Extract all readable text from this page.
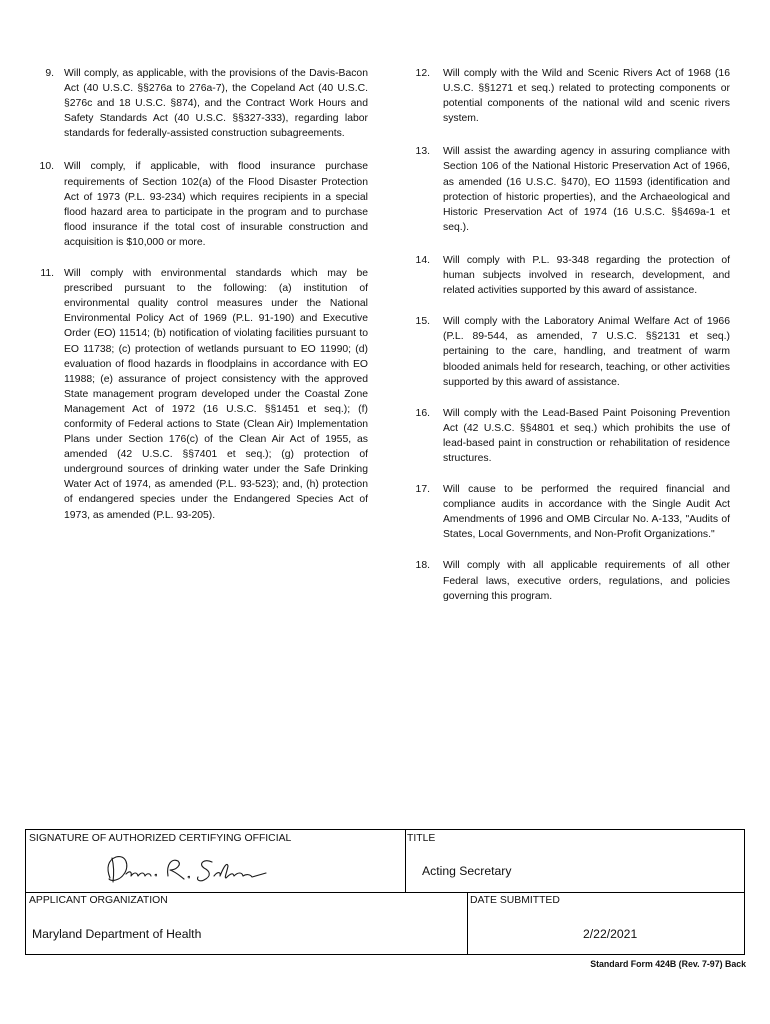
9. Will comply, as applicable, with the provisions of the Davis-Bacon Act (40 U.S.C. §§276a to 276a-7), the Copeland Act (40 U.S.C. §276c and 18 U.S.C. §874), and the Contract Work Hours and Safety Standards Act (40 U.S.C. §§327-333), regarding labor standards for federally-assisted construction subagreements.
10. Will comply, if applicable, with flood insurance purchase requirements of Section 102(a) of the Flood Disaster Protection Act of 1973 (P.L. 93-234) which requires recipients in a special flood hazard area to participate in the program and to purchase flood insurance if the total cost of insurable construction and acquisition is $10,000 or more.
11. Will comply with environmental standards which may be prescribed pursuant to the following: (a) institution of environmental quality control measures under the National Environmental Policy Act of 1969 (P.L. 91-190) and Executive Order (EO) 11514; (b) notification of violating facilities pursuant to EO 11738; (c) protection of wetlands pursuant to EO 11990; (d) evaluation of flood hazards in floodplains in accordance with EO 11988; (e) assurance of project consistency with the approved State management program developed under the Coastal Zone Management Act of 1972 (16 U.S.C. §§1451 et seq.); (f) conformity of Federal actions to State (Clean Air) Implementation Plans under Section 176(c) of the Clean Air Act of 1955, as amended (42 U.S.C. §§7401 et seq.); (g) protection of underground sources of drinking water under the Safe Drinking Water Act of 1974, as amended (P.L. 93-523); and, (h) protection of endangered species under the Endangered Species Act of 1973, as amended (P.L. 93-205).
12. Will comply with the Wild and Scenic Rivers Act of 1968 (16 U.S.C. §§1271 et seq.) related to protecting components or potential components of the national wild and scenic rivers system.
13. Will assist the awarding agency in assuring compliance with Section 106 of the National Historic Preservation Act of 1966, as amended (16 U.S.C. §470), EO 11593 (identification and protection of historic properties), and the Archaeological and Historic Preservation Act of 1974 (16 U.S.C. §§469a-1 et seq.).
14. Will comply with P.L. 93-348 regarding the protection of human subjects involved in research, development, and related activities supported by this award of assistance.
15. Will comply with the Laboratory Animal Welfare Act of 1966 (P.L. 89-544, as amended, 7 U.S.C. §§2131 et seq.) pertaining to the care, handling, and treatment of warm blooded animals held for research, teaching, or other activities supported by this award of assistance.
16. Will comply with the Lead-Based Paint Poisoning Prevention Act (42 U.S.C. §§4801 et seq.) which prohibits the use of lead-based paint in construction or rehabilitation of residence structures.
17. Will cause to be performed the required financial and compliance audits in accordance with the Single Audit Act Amendments of 1996 and OMB Circular No. A-133, "Audits of States, Local Governments, and Non-Profit Organizations."
18. Will comply with all applicable requirements of all other Federal laws, executive orders, regulations, and policies governing this program.
SIGNATURE OF AUTHORIZED CERTIFYING OFFICIAL	TITLE
Acting Secretary
APPLICANT ORGANIZATION
Maryland Department of Health
DATE SUBMITTED
2/22/2021
Standard Form 424B (Rev. 7-97) Back
